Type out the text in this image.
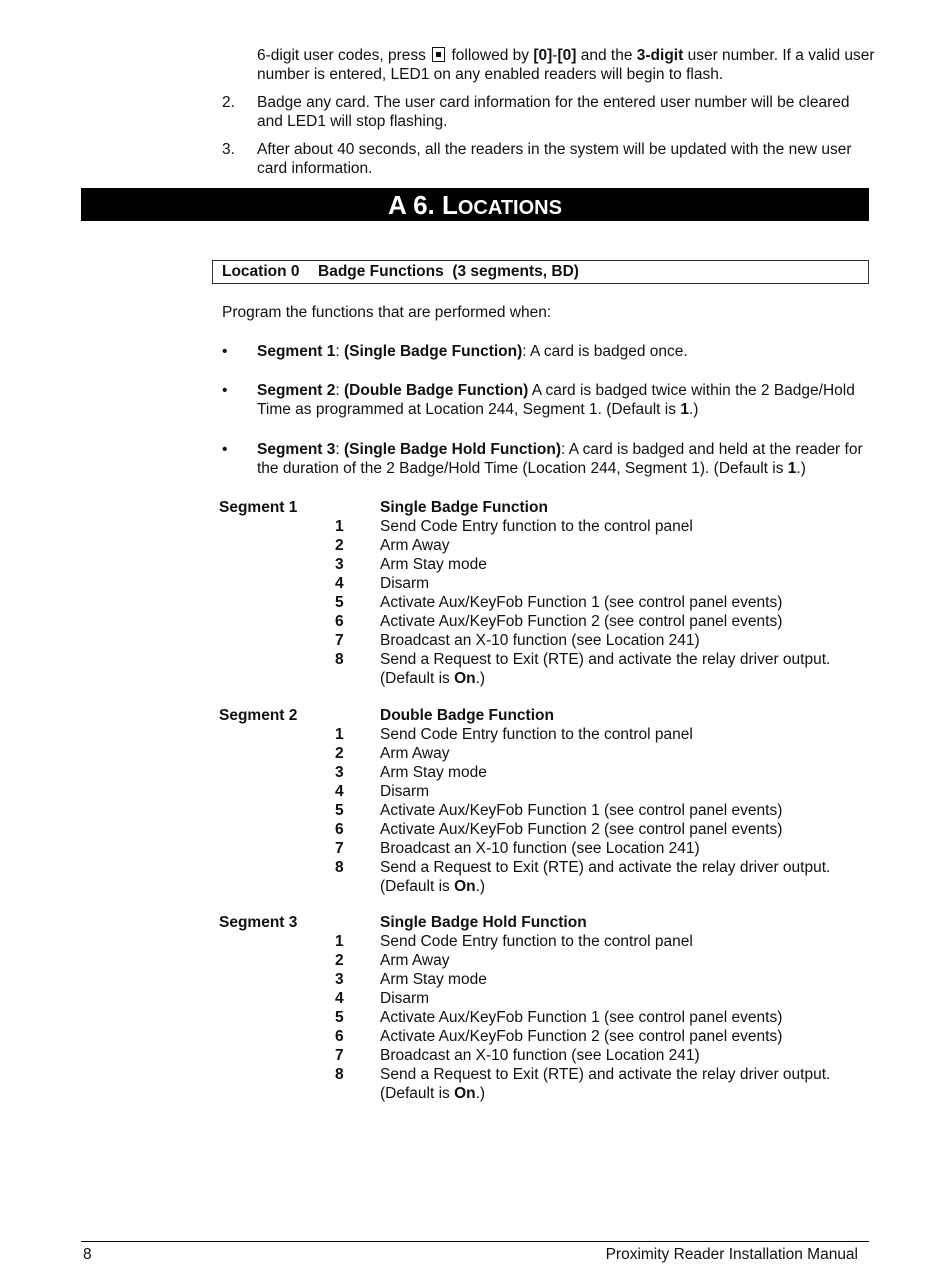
6-digit user codes, press followed by [0]-[0] and the 3-digit user number. If a valid user number is entered, LED1 on any enabled readers will begin to flash.
2. Badge any card. The user card information for the entered user number will be cleared and LED1 will stop flashing.
3. After about 40 seconds, all the readers in the system will be updated with the new user card information.
A 6. LOCATIONS
Location 0 Badge Functions  (3 segments, BD)
Program the functions that are performed when:
• Segment 1: (Single Badge Function): A card is badged once.
• Segment 2: (Double Badge Function) A card is badged twice within the 2 Badge/Hold Time as programmed at Location 244, Segment 1. (Default is 1.)
• Segment 3: (Single Badge Hold Function): A card is badged and held at the reader for the duration of the 2 Badge/Hold Time (Location 244, Segment 1). (Default is 1.)
Segment 1	Single Badge Function
1 Send Code Entry function to the control panel
2 Arm Away
3 Arm Stay mode
4 Disarm
5 Activate Aux/KeyFob Function 1 (see control panel events)
6 Activate Aux/KeyFob Function 2 (see control panel events)
7 Broadcast an X-10 function (see Location 241)
8 Send a Request to Exit (RTE) and activate the relay driver output.
(Default is On.)
Segment 2	Double Badge Function
1 Send Code Entry function to the control panel
2 Arm Away
3 Arm Stay mode
4 Disarm
5 Activate Aux/KeyFob Function 1 (see control panel events)
6 Activate Aux/KeyFob Function 2 (see control panel events)
7 Broadcast an X-10 function (see Location 241)
8 Send a Request to Exit (RTE) and activate the relay driver output.
(Default is On.)
Segment 3	Single Badge Hold Function
1 Send Code Entry function to the control panel
2 Arm Away
3 Arm Stay mode
4 Disarm
5 Activate Aux/KeyFob Function 1 (see control panel events)
6 Activate Aux/KeyFob Function 2 (see control panel events)
7 Broadcast an X-10 function (see Location 241)
8 Send a Request to Exit (RTE) and activate the relay driver output.
(Default is On.)
8	Proximity Reader Installation Manual
